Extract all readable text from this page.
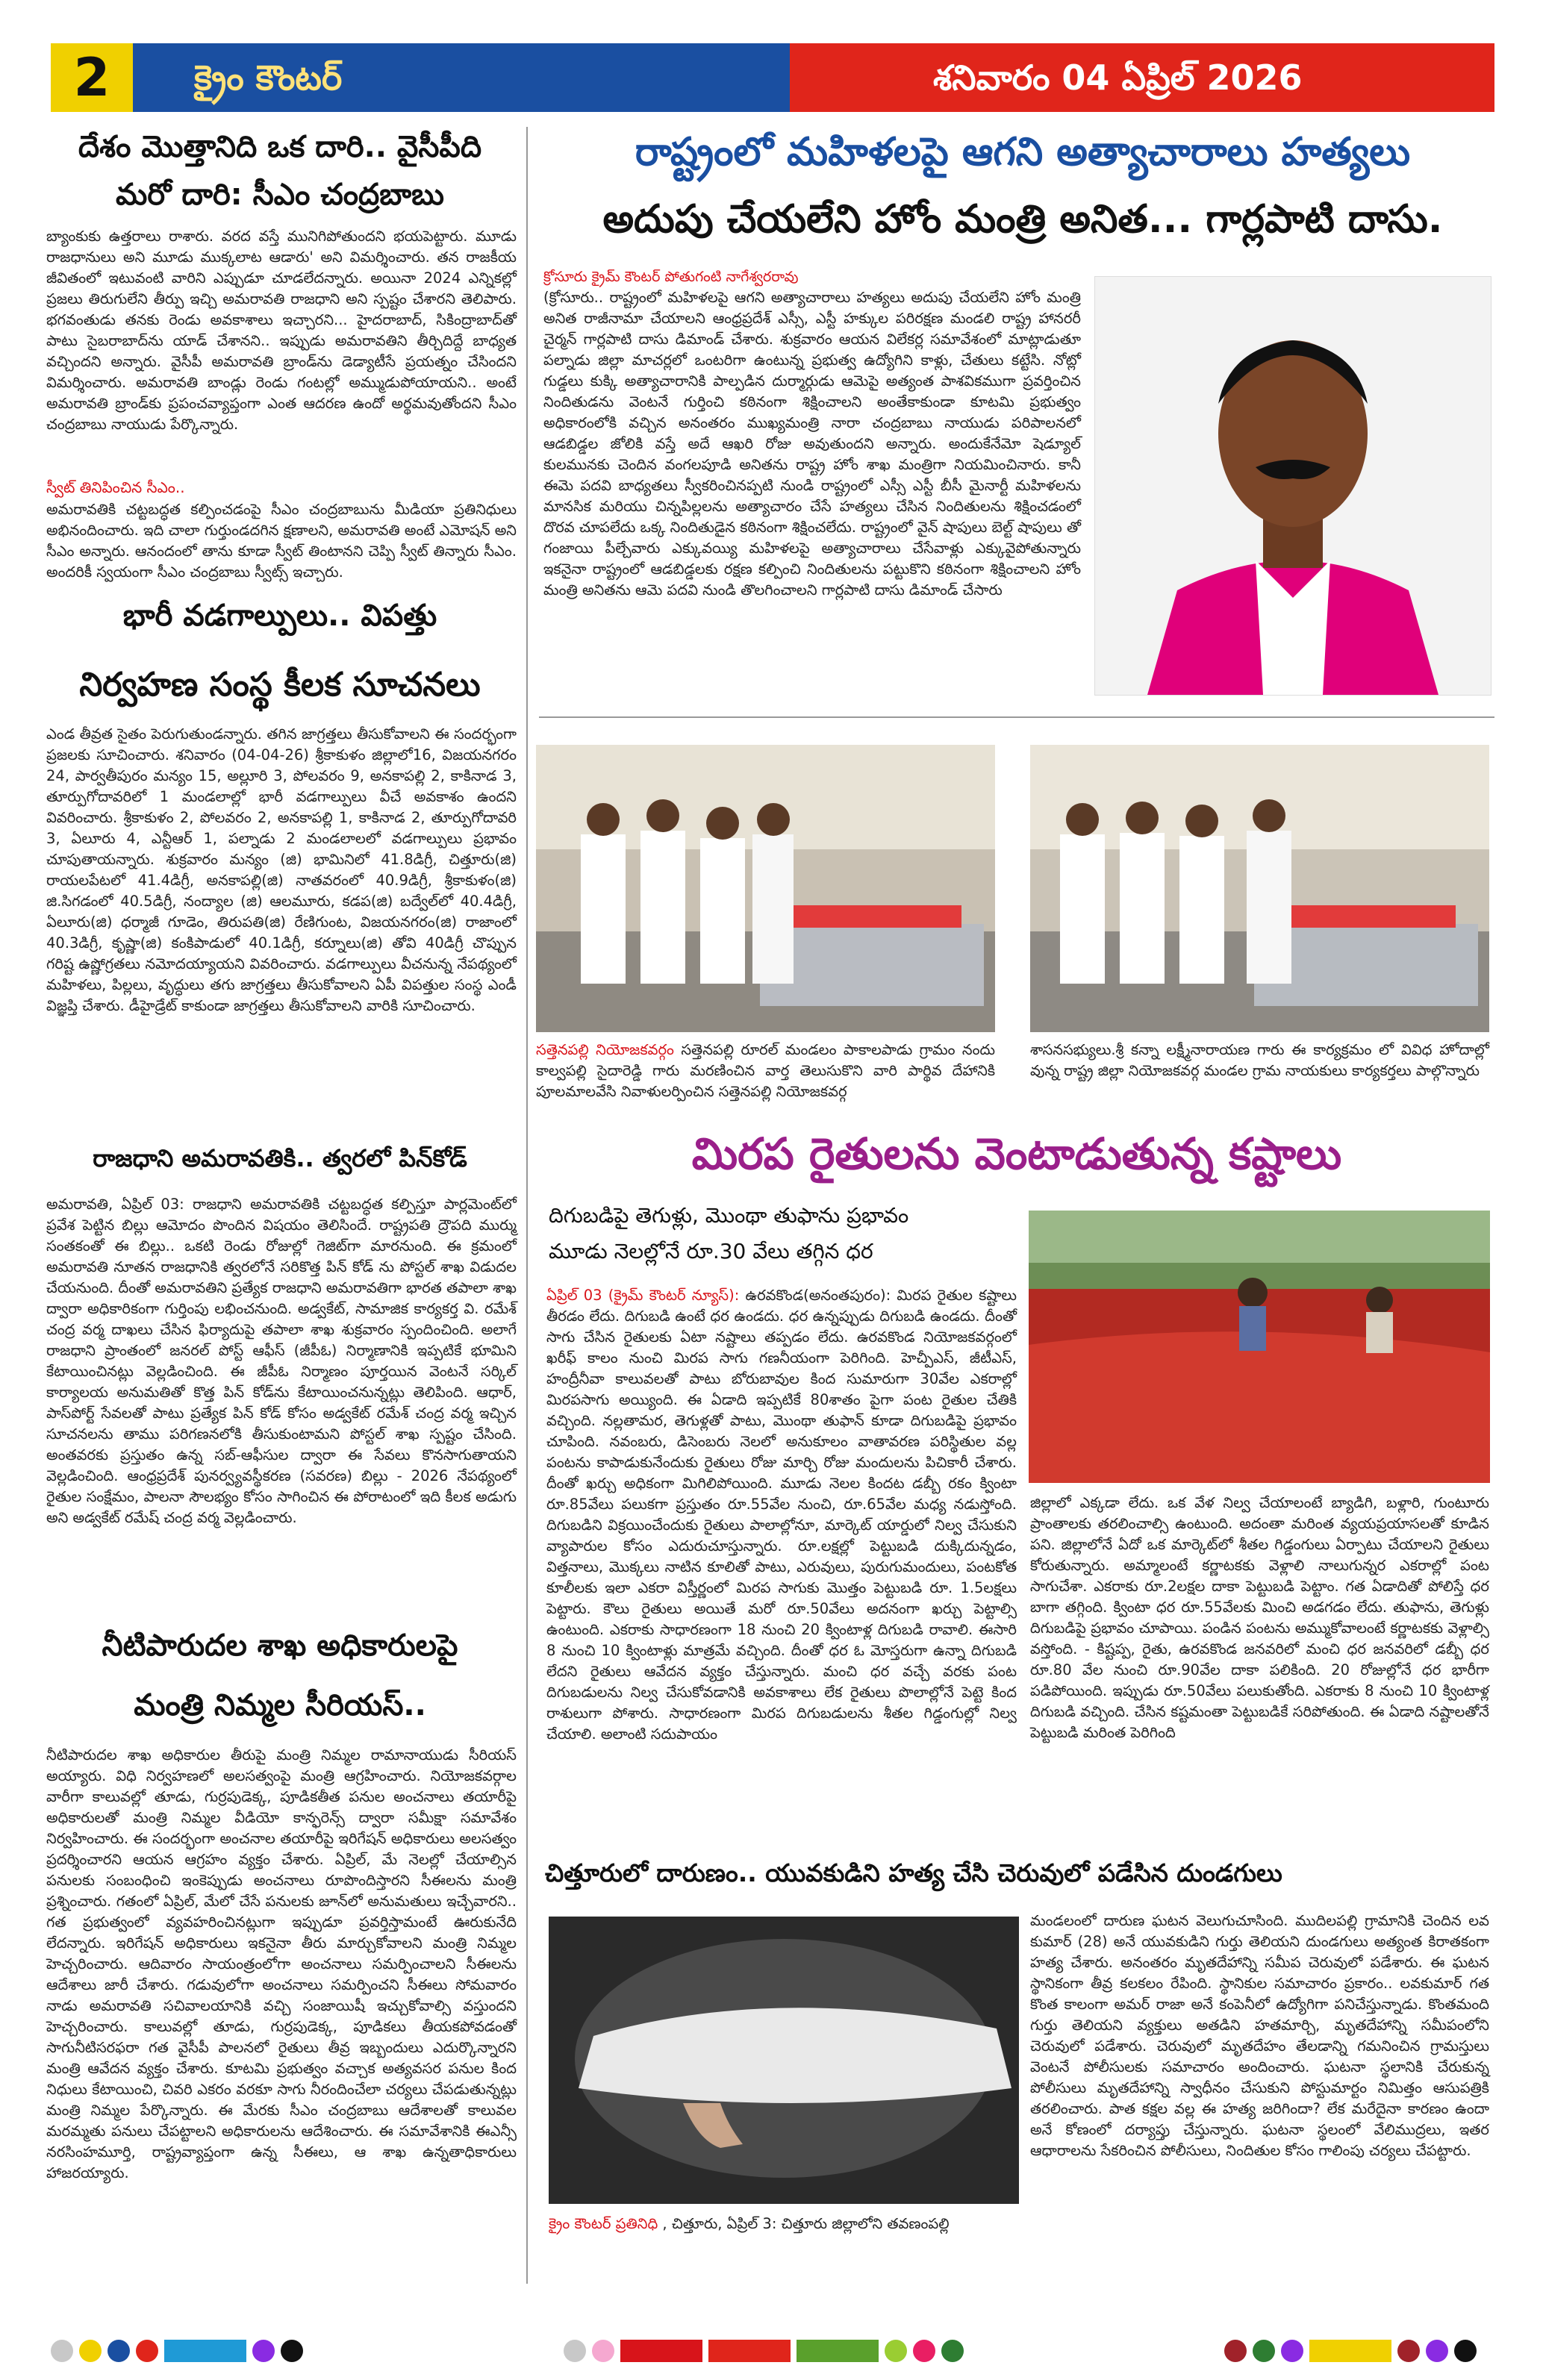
2	క్రైం కౌంటర్	శనివారం 04 ఏప్రిల్ 2026
దేశం మొత్తానిది ఒక దారి.. వైసీపీది
మరో దారి: సీఎం చంద్రబాబు
బ్యాంకుకు ఉత్తరాలు రాశారు. వరద వస్తే మునిగిపోతుందని భయపెట్టారు. మూడు రాజధానులు అని మూడు ముక్కలాట ఆడారు' అని విమర్శించారు. తన రాజకీయ జీవితంలో ఇటువంటి వారిని ఎప్పుడూ చూడలేదన్నారు. అయినా 2024 ఎన్నికల్లో ప్రజలు తిరుగులేని తీర్పు ఇచ్చి అమరావతి రాజధాని అని స్పష్టం చేశారని తెలిపారు. భగవంతుడు తనకు రెండు అవకాశాలు ఇచ్చారని... హైదరాబాద్, సికింద్రాబాద్‌తో పాటు సైబరాబాద్‌ను యాడ్ చేశానని.. ఇప్పుడు అమరావతిని తీర్చిదిద్దే బాధ్యత వచ్చిందని అన్నారు. వైసీపీ అమరావతి బ్రాండ్‌ను డెడ్యాటీసే ప్రయత్నం చేసిందని విమర్శించారు. అమరావతి బాండ్లు రెండు గంటల్లో అమ్ముడుపోయాయని.. అంటే అమరావతి బ్రాండ్‌కు ప్రపంచవ్యాప్తంగా ఎంత ఆదరణ ఉందో అర్థమవుతోందని సీఎం చంద్రబాబు నాయుడు పేర్కొన్నారు.
స్వీట్ తినిపించిన సీఎం..
అమరావతికి చట్టబద్ధత కల్పించడంపై సీఎం చంద్రబాబును మీడియా ప్రతినిధులు అభినందించారు. ఇది చాలా గుర్తుండదగిన క్షణాలని, అమరావతి అంటే ఎమోషన్ అని సీఎం అన్నారు. ఆనందంలో తాను కూడా స్వీట్ తింటానని చెప్పి స్వీట్ తిన్నారు సీఎం. అందరికీ స్వయంగా సీఎం చంద్రబాబు స్వీట్స్ ఇచ్చారు.
భారీ వడగాల్పులు.. విపత్తు
నిర్వహణ సంస్థ కీలక సూచనలు
ఎండ తీవ్రత సైతం పెరుగుతుండన్నారు. తగిన జాగ్రత్తలు తీసుకోవాలని ఈ సందర్భంగా ప్రజలకు సూచించారు. శనివారం (04-04-26) శ్రీకాకుళం జిల్లాలో16, విజయనగరం 24, పార్వతీపురం మన్యం 15, అల్లూరి 3, పోలవరం 9, అనకాపల్లి 2, కాకినాడ 3, తూర్పుగోదావరిలో 1 మండలాల్లో భారీ వడగాల్పులు వీచే అవకాశం ఉందని వివరించారు. శ్రీకాకుళం 2, పోలవరం 2, అనకాపల్లి 1, కాకినాడ 2, తూర్పుగోదావరి 3, ఏలూరు 4, ఎన్టీఆర్ 1, పల్నాడు 2 మండలాలలో వడగాల్పులు ప్రభావం చూపుతాయన్నారు. శుక్రవారం మన్యం (జి) భామినిలో 41.8డిగ్రీ, చిత్తూరు(జి) రాయలపేటలో 41.4డిగ్రీ, అనకాపల్లి(జి) నాతవరంలో 40.9డిగ్రీ, శ్రీకాకుళం(జి) జి.సిగడంలో 40.5డిగ్రీ, నంద్యాల (జి) ఆలమూరు, కడప(జి) బద్వేల్‌లో 40.4డిగ్రీ, ఏలూరు(జి) ధర్మాజీ గూడెం, తిరుపతి(జి) రేణిగుంట, విజయనగరం(జి) రాజాంలో 40.3డిగ్రీ, కృష్ణా(జి) కంకిపాడులో 40.1డిగ్రీ, కర్నూలు(జి) తోవి 40డిగ్రీ చొప్పున గరిష్ట ఉష్ణోగ్రతలు నమోదయ్యాయని వివరించారు. వడగాల్పులు వీచనున్న నేపథ్యంలో మహిళలు, పిల్లలు, వృద్ధులు తగు జాగ్రత్తలు తీసుకోవాలని ఏపీ విపత్తుల సంస్థ ఎండీ విజ్ఞప్తి చేశారు. డీహైడ్రేట్ కాకుండా జాగ్రత్తలు తీసుకోవాలని వారికి సూచించారు.
రాజధాని అమరావతికి.. త్వరలో పిన్‌కోడ్
అమరావతి, ఏప్రిల్ 03: రాజధాని అమరావతికి చట్టబద్ధత కల్పిస్తూ పార్లమెంట్‌లో ప్రవేశ పెట్టిన బిల్లు ఆమోదం పొందిన విషయం తెలిసిందే. రాష్ట్రపతి ద్రౌపది ముర్ము సంతకంతో ఈ బిల్లు.. ఒకటి రెండు రోజుల్లో గెజిట్‌గా మారనుంది. ఈ క్రమంలో అమరావతి నూతన రాజధానికి త్వరలోనే సరికొత్త పిన్ కోడ్ ను పోస్టల్ శాఖ విడుదల చేయనుంది. దీంతో అమరావతిని ప్రత్యేక రాజధాని అమరావతిగా భారత తపాలా శాఖ ద్వారా అధికారికంగా గుర్తింపు లభించనుంది. అడ్వకేట్, సామాజిక కార్యకర్త వి. రమేశ్ చంద్ర వర్మ దాఖలు చేసిన ఫిర్యాదుపై తపాలా శాఖ శుక్రవారం స్పందించింది. అలాగే రాజధాని ప్రాంతంలో జనరల్ పోస్ట్ ఆఫీస్ (జీపీఓ) నిర్మాణానికి ఇప్పటికే భూమిని కేటాయించినట్లు వెల్లడించింది. ఈ జీపీఓ నిర్మాణం పూర్తయిన వెంటనే సర్కిల్ కార్యాలయ అనుమతితో కొత్త పిన్ కోడ్‌ను కేటాయించనున్నట్లు తెలిపింది. ఆధార్, పాస్‌పోర్ట్ సేవలతో పాటు ప్రత్యేక పిన్ కోడ్ కోసం అడ్వకేట్ రమేశ్ చంద్ర వర్మ ఇచ్చిన సూచనలను తాము పరిగణనలోకి తీసుకుంటామని పోస్టల్ శాఖ స్పష్టం చేసింది. అంతవరకు ప్రస్తుతం ఉన్న సబ్-ఆఫీసుల ద్వారా ఈ సేవలు కొనసాగుతాయని వెల్లడించింది. ఆంధ్రప్రదేశ్ పునర్వ్యవస్థీకరణ (సవరణ) బిల్లు - 2026 నేపథ్యంలో రైతుల సంక్షేమం, పాలనా సౌలభ్యం కోసం సాగించిన ఈ పోరాటంలో ఇది కీలక అడుగు అని అడ్వకేట్ రమేష్ చంద్ర వర్మ వెల్లడించారు.
నీటిపారుదల శాఖ అధికారులపై
మంత్రి నిమ్మల సీరియస్..
నీటిపారుదల శాఖ అధికారుల తీరుపై మంత్రి నిమ్మల రామానాయుడు సీరియస్ అయ్యారు. విధి నిర్వహణలో అలసత్వంపై మంత్రి ఆగ్రహించారు. నియోజకవర్గాల వారీగా కాలువల్లో తూడు, గుర్రపుడెక్క, పూడికతీత పనుల అంచనాలు తయారీపై అధికారులతో మంత్రి నిమ్మల వీడియో కాన్ఫరెన్స్ ద్వారా సమీక్షా సమావేశం నిర్వహించారు. ఈ సందర్భంగా అంచనాల తయారీపై ఇరిగేషన్ అధికారులు అలసత్వం ప్రదర్శించారని ఆయన ఆగ్రహం వ్యక్తం చేశారు. ఏప్రిల్, మే నెలల్లో చేయాల్సిన పనులకు సంబంధించి ఇంకెప్పుడు అంచనాలు రూపొందిస్తారని సీఈలను మంత్రి ప్రశ్నించారు. గతంలో ఏప్రిల్, మేలో చేసే పనులకు జూన్‌లో అనుమతులు ఇచ్చేవారని.. గత ప్రభుత్వంలో వ్యవహరించినట్లుగా ఇప్పుడూ ప్రవర్తిస్తామంటే ఊరుకునేది లేదన్నారు. ఇరిగేషన్ అధికారులు ఇకనైనా తీరు మార్చుకోవాలని మంత్రి నిమ్మల హెచ్చరించారు. ఆదివారం సాయంత్రంలోగా అంచనాలు సమర్పించాలని సీఈలను ఆదేశాలు జారీ చేశారు. గడువులోగా అంచనాలు సమర్పించని సీఈలు సోమవారం నాడు అమరావతి సచివాలయానికి వచ్చి సంజాయిషీ ఇచ్చుకోవాల్సి వస్తుందని హెచ్చరించారు. కాలువల్లో తూడు, గుర్రపుడెక్క, పూడికలు తీయకపోవడంతో సాగునీటిసరఫరా గత వైసీపీ పాలనలో రైతులు తీవ్ర ఇబ్బందులు ఎదుర్కొన్నారని మంత్రి ఆవేదన వ్యక్తం చేశారు. కూటమి ప్రభుత్వం వచ్చాక అత్యవసర పనుల కింద నిధులు కేటాయించి, చివరి ఎకరం వరకూ సాగు నీరందించేలా చర్యలు చేపడుతున్నట్లు మంత్రి నిమ్మల పేర్కొన్నారు. ఈ మేరకు సీఎం చంద్రబాబు ఆదేశాలతో కాలువల మరమ్మతు పనులు చేపట్టాలని అధికారులను ఆదేశించారు. ఈ సమావేశానికి ఈఎన్సీ నరసింహమూర్తి, రాష్ట్రవ్యాప్తంగా ఉన్న సీఈలు, ఆ శాఖ ఉన్నతాధికారులు హాజరయ్యారు.
రాష్ట్రంలో మహిళలపై ఆగని అత్యాచారాలు హత్యలు
అదుపు చేయలేని హోం మంత్రి అనిత... గార్లపాటి దాసు.
క్రోసూరు క్రైమ్ కౌంటర్ పోతుగంటి నాగేశ్వరరావు
(క్రోసూరు.. రాష్ట్రంలో మహిళలపై ఆగని అత్యాచారాలు హత్యలు అదుపు చేయలేని హోం మంత్రి అనిత రాజీనామా చేయాలని ఆంధ్రప్రదేశ్ ఎస్సీ, ఎస్టీ హక్కుల పరిరక్షణ మండలి రాష్ట్ర హానరరీ చైర్మన్ గార్లపాటి దాసు డిమాండ్ చేశారు. శుక్రవారం ఆయన విలేకర్ల సమావేశంలో మాట్లాడుతూ పల్నాడు జిల్లా మాచర్లలో ఒంటరిగా ఉంటున్న ప్రభుత్వ ఉద్యోగిని కాళ్లు, చేతులు కట్టేసి. నోట్లో గుడ్డలు కుక్కి అత్యాచారానికి పాల్పడిన దుర్మార్గుడు ఆమెపై అత్యంత పాశవికముగా ప్రవర్తించిన నిందితుడను వెంటనే గుర్తించి కఠినంగా శిక్షించాలని అంతేకాకుండా కూటమి ప్రభుత్వం అధికారంలోకి వచ్చిన అనంతరం ముఖ్యమంత్రి నారా చంద్రబాబు నాయుడు పరిపాలనలో ఆడబిడ్డల జోలికి వస్తే అదే ఆఖరి రోజు అవుతుందని అన్నారు. అందుకేనేమో షెడ్యూల్ కులమునకు చెందిన వంగలపూడి అనితను రాష్ట్ర హోం శాఖ మంత్రిగా నియమించినారు. కానీ ఈమె పదవి బాధ్యతలు స్వీకరించినప్పటి నుండి రాష్ట్రంలో ఎస్సీ ఎస్టీ బీసీ మైనార్టీ మహిళలను మానసిక మరియు చిన్నపిల్లలను అత్యాచారం చేసే హత్యలు చేసిన నిందితులను శిక్షించడంలో దొరవ చూపలేదు ఒక్క నిందితుడైన కఠినంగా శిక్షించలేదు. రాష్ట్రంలో వైన్ షాపులు బెల్ట్ షాపులు తో గంజాయి పీల్చేవారు ఎక్కువయ్యి మహిళలపై అత్యాచారాలు చేసేవాళ్లు ఎక్కువైపోతున్నారు ఇకనైనా రాష్ట్రంలో ఆడబిడ్డలకు రక్షణ కల్పించి నిందితులను పట్టుకొని కఠినంగా శిక్షించాలని హోం మంత్రి అనితను ఆమె పదవి నుండి తొలగించాలని గార్లపాటి దాసు డిమాండ్ చేసారు
సత్తెనపల్లి నియోజకవర్గం సత్తెనపల్లి రూరల్ మండలం పాకాలపాడు గ్రామం నందు కాల్వపల్లి సైదారెడ్డి గారు మరణించిన వార్త తెలుసుకొని వారి పార్థివ దేహానికి పూలమాలవేసి నివాళులర్పించిన సత్తెనపల్లి నియోజకవర్గ
శాసనసభ్యులు.శ్రీ కన్నా లక్ష్మీనారాయణ గారు ఈ కార్యక్రమం లో వివిధ హోదాల్లో వున్న రాష్ట్ర జిల్లా నియోజకవర్గ మండల గ్రామ నాయకులు కార్యకర్తలు పాల్గొన్నారు
మిరప రైతులను వెంటాడుతున్న కష్టాలు
దిగుబడిపై తెగుళ్లు, మొంథా తుఫాను ప్రభావం
మూడు నెలల్లోనే రూ.30 వేలు తగ్గిన ధర
ఏప్రిల్ 03 (క్రైమ్ కౌంటర్ న్యూస్): ఉరవకొండ(అనంతపురం): మిరప రైతుల కష్టాలు తీరడం లేదు. దిగుబడి ఉంటే ధర ఉండదు. ధర ఉన్నప్పుడు దిగుబడి ఉండదు. దీంతో సాగు చేసిన రైతులకు ఏటా నష్టాలు తప్పడం లేదు. ఉరవకొండ నియోజకవర్గంలో ఖరీఫ్ కాలం నుంచి మిరప సాగు గణనీయంగా పెరిగింది. హెచ్పీఎస్, జీటీఎస్, హంద్రీనీవా కాలువలతో పాటు బోరుబావుల కింద సుమారుగా 30వేల ఎకరాల్లో మిరపసాగు అయ్యింది. ఈ ఏడాది ఇప్పటికే 80శాతం పైగా పంట రైతుల చేతికి వచ్చింది. నల్లతామర, తెగుళ్లతో పాటు, మొంథా తుఫాన్ కూడా దిగుబడిపై ప్రభావం చూపింది. నవంబరు, డిసెంబరు నెలలో అనుకూలం వాతావరణ పరిస్థితుల వల్ల పంటను కాపాడుకునేందుకు రైతులు రోజు మార్చి రోజు మందులను పిచికారీ చేశారు. దీంతో ఖర్చు అధికంగా మిగిలిపోయింది. మూడు నెలల కిందట డబ్బీ రకం క్వింటా రూ.85వేలు పలుకగా ప్రస్తుతం రూ.55వేల నుంచి, రూ.65వేల మధ్య నడుస్తోంది. దిగుబడిని విక్రయించేందుకు రైతులు పాలాల్లోనూ, మార్కెట్ యార్డులో నిల్వ చేసుకుని వ్యాపారుల కోసం ఎదురుచూస్తున్నారు. రూ.లక్షల్లో పెట్టుబడి దుక్కిదున్నడం, విత్తనాలు, మొక్కలు నాటిన కూలితో పాటు, ఎరువులు, పురుగుమందులు, పంటకోత కూలీలకు ఇలా ఎకరా విస్తీర్ణంలో మిరప సాగుకు మొత్తం పెట్టుబడి రూ. 1.5లక్షలు పెట్టారు. కౌలు రైతులు అయితే మరో రూ.50వేలు అదనంగా ఖర్చు పెట్టాల్సి ఉంటుంది. ఎకరాకు సాధారణంగా 18 నుంచి 20 క్వింటాళ్ల దిగుబడి రావాలి. ఈసారి 8 నుంచి 10 క్వింటాళ్లు మాత్రమే వచ్చింది. దీంతో ధర ఓ మోస్తరుగా ఉన్నా దిగుబడి లేదని రైతులు ఆవేదన వ్యక్తం చేస్తున్నారు. మంచి ధర వచ్చే వరకు పంట దిగుబడులను నిల్వ చేసుకోవడానికి అవకాశాలు లేక రైతులు పొలాల్లోనే పెట్టె కింద రాశులుగా పోశారు. సాధారణంగా మిరప దిగుబడులను శీతల గిడ్డంగుల్లో నిల్వ చేయాలి. అలాంటి సదుపాయం
జిల్లాలో ఎక్కడా లేదు. ఒక వేళ నిల్వ చేయాలంటే బ్యాడిగి, బళ్లారి, గుంటూరు ప్రాంతాలకు తరలించాల్సి ఉంటుంది. అదంతా మరింత వ్యయప్రయాసలతో కూడిన పని. జిల్లాలోనే ఏదో ఒక మార్కెట్‌లో శీతల గిడ్డంగులు ఏర్పాటు చేయాలని రైతులు కోరుతున్నారు. అమ్మాలంటే కర్ణాటకకు వెళ్లాలి నాలుగున్నర ఎకరాల్లో పంట సాగుచేశా. ఎకరాకు రూ.2లక్షల దాకా పెట్టుబడి పెట్టాం. గత ఏడాదితో పోలిస్తే ధర బాగా తగ్గింది. క్వింటా ధర రూ.55వేలకు మించి అడగడం లేదు. తుఫాను, తెగుళ్లు దిగుబడిపై ప్రభావం చూపాయి. పండిన పంటను అమ్ముకోవాలంటే కర్ణాటకకు వెళ్లాల్సి వస్తోంది. - కిష్టప్ప, రైతు, ఉరవకొండ జనవరిలో మంచి ధర జనవరిలో డబ్బీ ధర రూ.80 వేల నుంచి రూ.90వేల దాకా పలికింది. 20 రోజుల్లోనే ధర భారీగా పడిపోయింది. ఇప్పుడు రూ.50వేలు పలుకుతోంది. ఎకరాకు 8 నుంచి 10 క్వింటాళ్ల దిగుబడి వచ్చింది. చేసిన కష్టమంతా పెట్టుబడికే సరిపోతుంది. ఈ ఏడాది నష్టాలతోనే పెట్టుబడి మరింత పెరిగింది
చిత్తూరులో దారుణం.. యువకుడిని హత్య చేసి చెరువులో పడేసిన దుండగులు
క్రైం కౌంటర్ ప్రతినిధి , చిత్తూరు, ఏప్రిల్ 3: చిత్తూరు జిల్లాలోని తవణంపల్లి
మండలంలో దారుణ ఘటన వెలుగుచూసింది. ముదిలపల్లి గ్రామానికి చెందిన లవ కుమార్ (28) అనే యువకుడిని గుర్తు తెలియని దుండగులు అత్యంత కిరాతకంగా హత్య చేశారు. అనంతరం మృతదేహాన్ని సమీప చెరువులో పడేశారు. ఈ ఘటన స్థానికంగా తీవ్ర కలకలం రేపింది. స్థానికుల సమాచారం ప్రకారం.. లవకుమార్ గత కొంత కాలంగా అమర్ రాజా అనే కంపెనీలో ఉద్యోగిగా పనిచేస్తున్నాడు. కొంతమంది గుర్తు తెలియని వ్యక్తులు అతడిని హతమార్చి, మృతదేహాన్ని సమీపంలోని చెరువులో పడేశారు. చెరువులో మృతదేహం తేలడాన్ని గమనించిన గ్రామస్తులు వెంటనే పోలీసులకు సమాచారం అందించారు. ఘటనా స్థలానికి చేరుకున్న పోలీసులు మృతదేహాన్ని స్వాధీనం చేసుకుని పోస్టుమార్టం నిమిత్తం ఆసుపత్రికి తరలించారు. పాత కక్షల వల్ల ఈ హత్య జరిగిందా? లేక మరేదైనా కారణం ఉందా అనే కోణంలో దర్యాప్తు చేస్తున్నారు. ఘటనా స్థలంలో వేలిముద్రలు, ఇతర ఆధారాలను సేకరించిన పోలీసులు, నిందితుల కోసం గాలింపు చర్యలు చేపట్టారు.
